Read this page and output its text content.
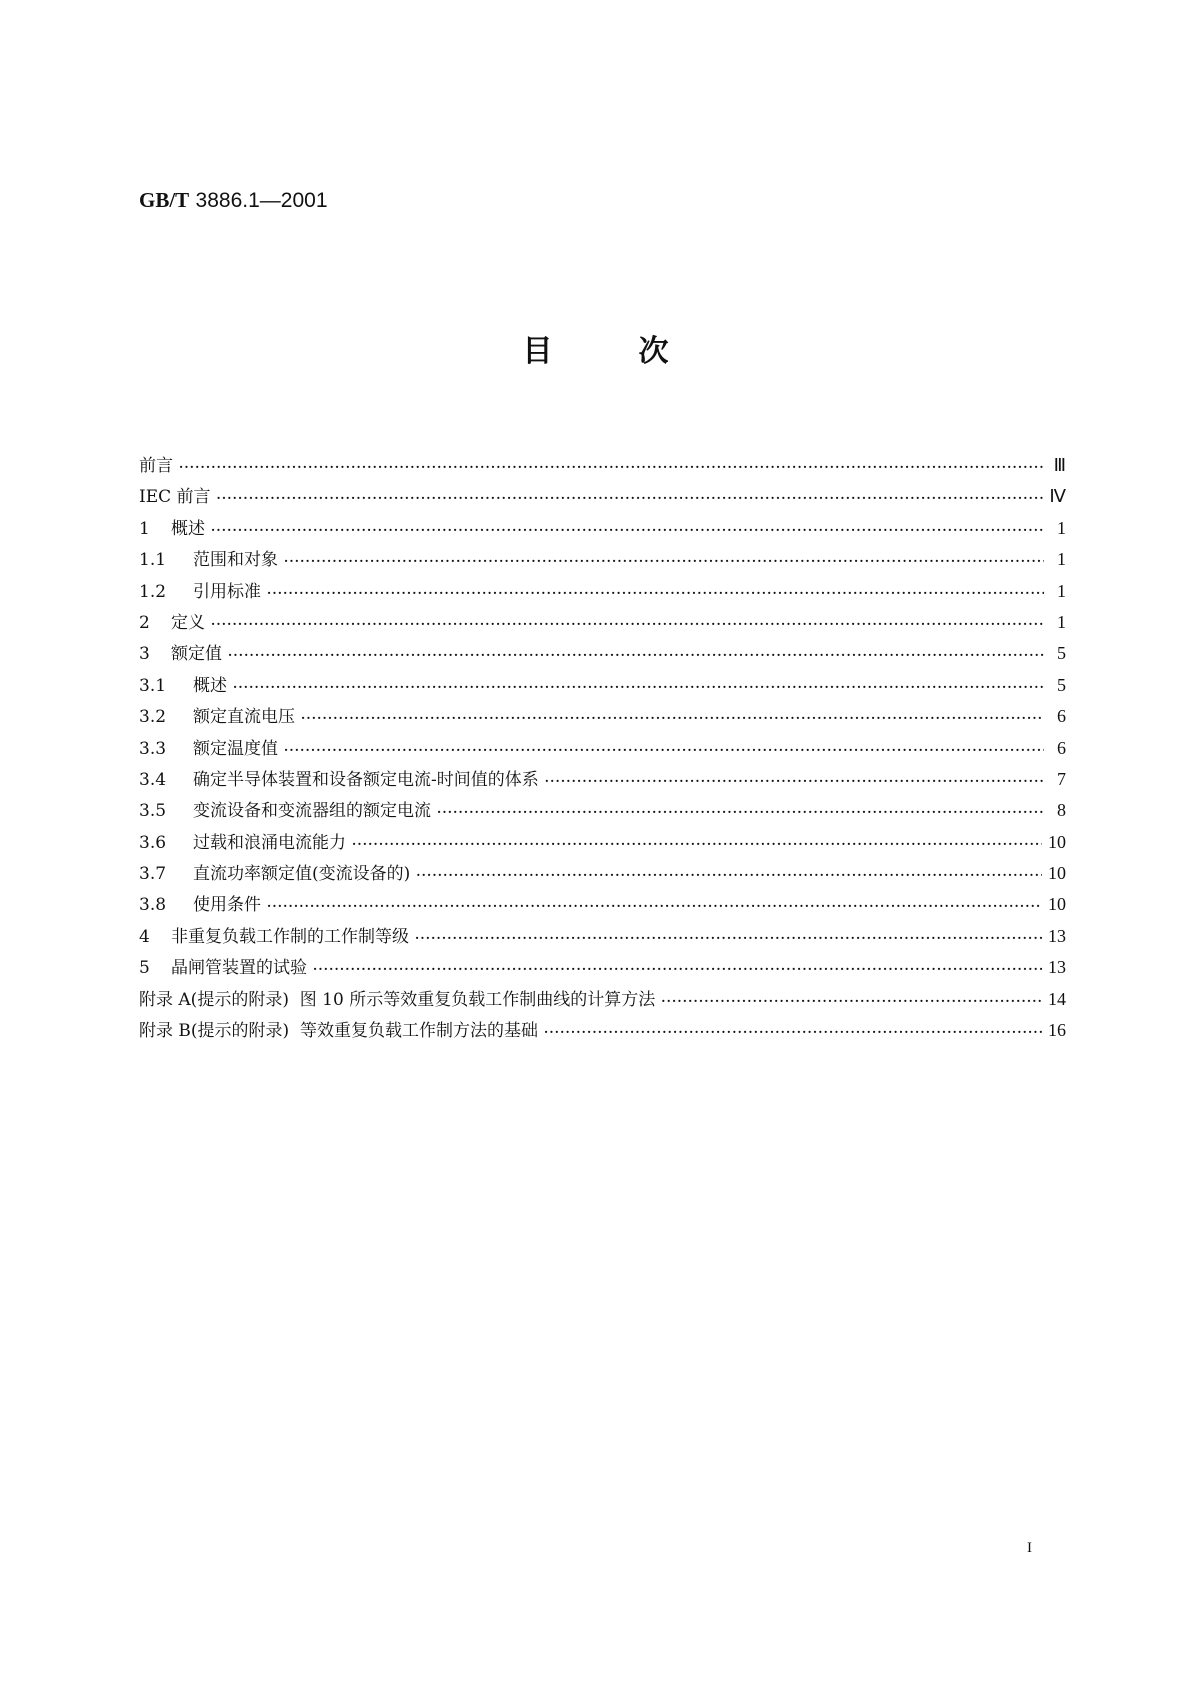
GB/T 3886.1—2001
目	次
前言 ·····	Ⅲ
IEC 前言 ·····	Ⅳ
1 概述 ·····	1
1.1 范围和对象 ·····	1
1.2 引用标准 ·····	1
2 定义 ·····	1
3 额定值 ·····	5
3.1 概述 ·····	5
3.2 额定直流电压 ·····	6
3.3 额定温度值 ·····	6
3.4 确定半导体装置和设备额定电流-时间值的体系 ·····	7
3.5 变流设备和变流器组的额定电流 ·····	8
3.6 过载和浪涌电流能力 ·····	10
3.7 直流功率额定值(变流设备的) ·····	10
3.8 使用条件 ·····	10
4 非重复负载工作制的工作制等级 ·····	13
5 晶闸管装置的试验 ·····	13
附录 A(提示的附录)  图 10 所示等效重复负载工作制曲线的计算方法 ·····	14
附录 B(提示的附录)  等效重复负载工作制方法的基础 ·····	16
I
